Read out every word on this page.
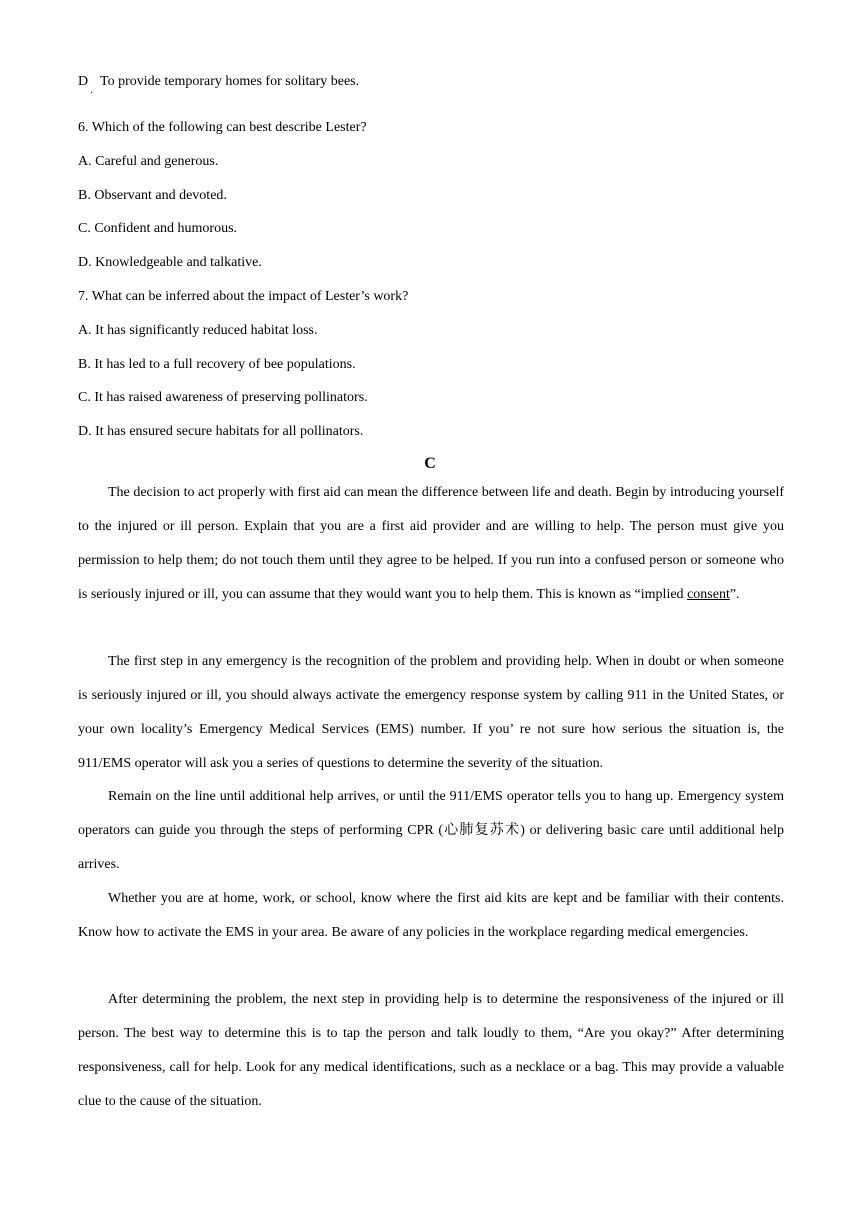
D To provide temporary homes for solitary bees.
·
6. Which of the following can best describe Lester?
A. Careful and generous.
B. Observant and devoted.
C. Confident and humorous.
D. Knowledgeable and talkative.
7. What can be inferred about the impact of Lester’s work?
A. It has significantly reduced habitat loss.
B. It has led to a full recovery of bee populations.
C. It has raised awareness of preserving pollinators.
D. It has ensured secure habitats for all pollinators.
C

The decision to act properly with first aid can mean the difference between life and death. Begin by introducing yourself to the injured or ill person. Explain that you are a first aid provider and are willing to help. The person must give you permission to help them; do not touch them until they agree to be helped. If you run into a confused person or someone who is seriously injured or ill, you can assume that they would want you to help them. This is known as “implied consent”.

The first step in any emergency is the recognition of the problem and providing help. When in doubt or when someone is seriously injured or ill, you should always activate the emergency response system by calling 911 in the United States, or your own locality’s Emergency Medical Services (EMS) number. If you’ re not sure how serious the situation is, the 911/EMS operator will ask you a series of questions to determine the severity of the situation.

Remain on the line until additional help arrives, or until the 911/EMS operator tells you to hang up. Emergency system operators can guide you through the steps of performing CPR (心肺复苏术) or delivering basic care until additional help arrives.

Whether you are at home, work, or school, know where the first aid kits are kept and be familiar with their contents. Know how to activate the EMS in your area. Be aware of any policies in the workplace regarding medical emergencies.

After determining the problem, the next step in providing help is to determine the responsiveness of the injured or ill person. The best way to determine this is to tap the person and talk loudly to them, “Are you okay?” After determining responsiveness, call for help. Look for any medical identifications, such as a necklace or a bag. This may provide a valuable clue to the cause of the situation.
